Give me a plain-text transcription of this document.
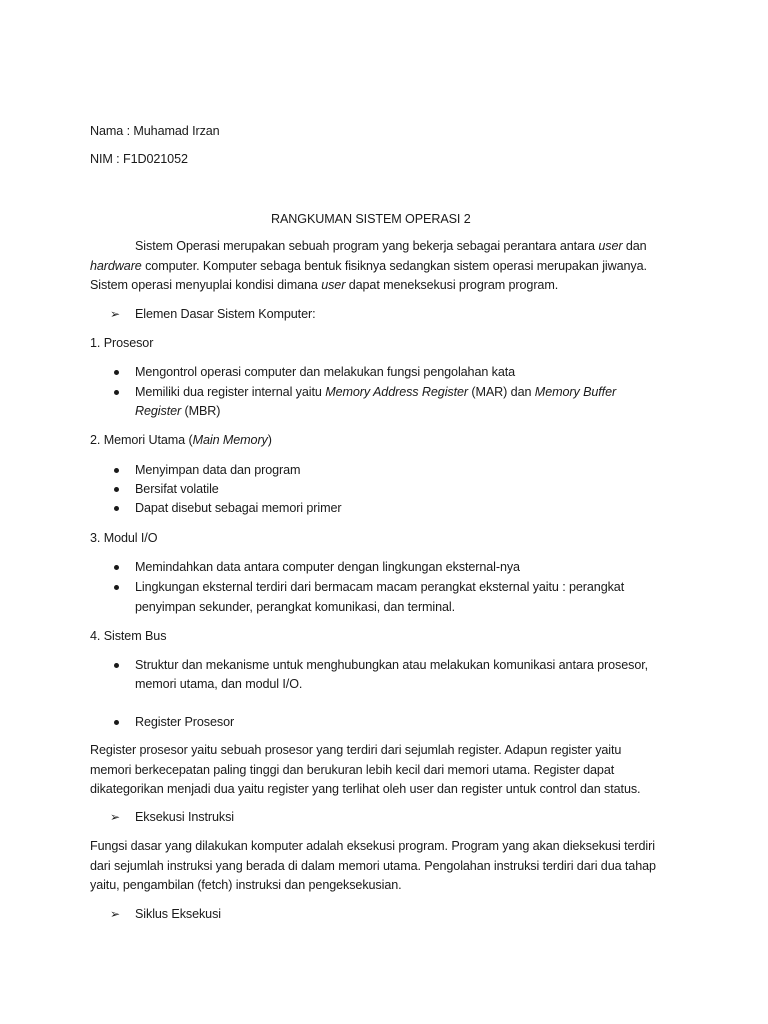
Nama : Muhamad Irzan
NIM : F1D021052
RANGKUMAN SISTEM OPERASI 2
Sistem Operasi merupakan sebuah program yang bekerja sebagai perantara antara user dan
hardware computer. Komputer sebaga bentuk fisiknya sedangkan sistem operasi merupakan jiwanya.
Sistem operasi menyuplai kondisi dimana user dapat meneksekusi program program.
➢ Elemen Dasar Sistem Komputer:
1. Prosesor
Mengontrol operasi computer dan melakukan fungsi pengolahan kata
Memiliki dua register internal yaitu Memory Address Register (MAR) dan Memory Buffer
Register (MBR)
2. Memori Utama (Main Memory)
Menyimpan data dan program
Bersifat volatile
Dapat disebut sebagai memori primer
3. Modul I/O
Memindahkan data antara computer dengan lingkungan eksternal-nya
Lingkungan eksternal terdiri dari bermacam macam perangkat eksternal yaitu : perangkat
penyimpan sekunder, perangkat komunikasi, dan terminal.
4. Sistem Bus
Struktur dan mekanisme untuk menghubungkan atau melakukan komunikasi antara prosesor,
memori utama, dan modul I/O.
Register Prosesor
Register prosesor yaitu sebuah prosesor yang terdiri dari sejumlah register. Adapun register yaitu
memori berkecepatan paling tinggi dan berukuran lebih kecil dari memori utama. Register dapat
dikategorikan menjadi dua yaitu register yang terlihat oleh user dan register untuk control dan status.
➢ Eksekusi Instruksi
Fungsi dasar yang dilakukan komputer adalah eksekusi program. Program yang akan dieksekusi terdiri
dari sejumlah instruksi yang berada di dalam memori utama. Pengolahan instruksi terdiri dari dua tahap
yaitu, pengambilan (fetch) instruksi dan pengeksekusian.
➢ Siklus Eksekusi
